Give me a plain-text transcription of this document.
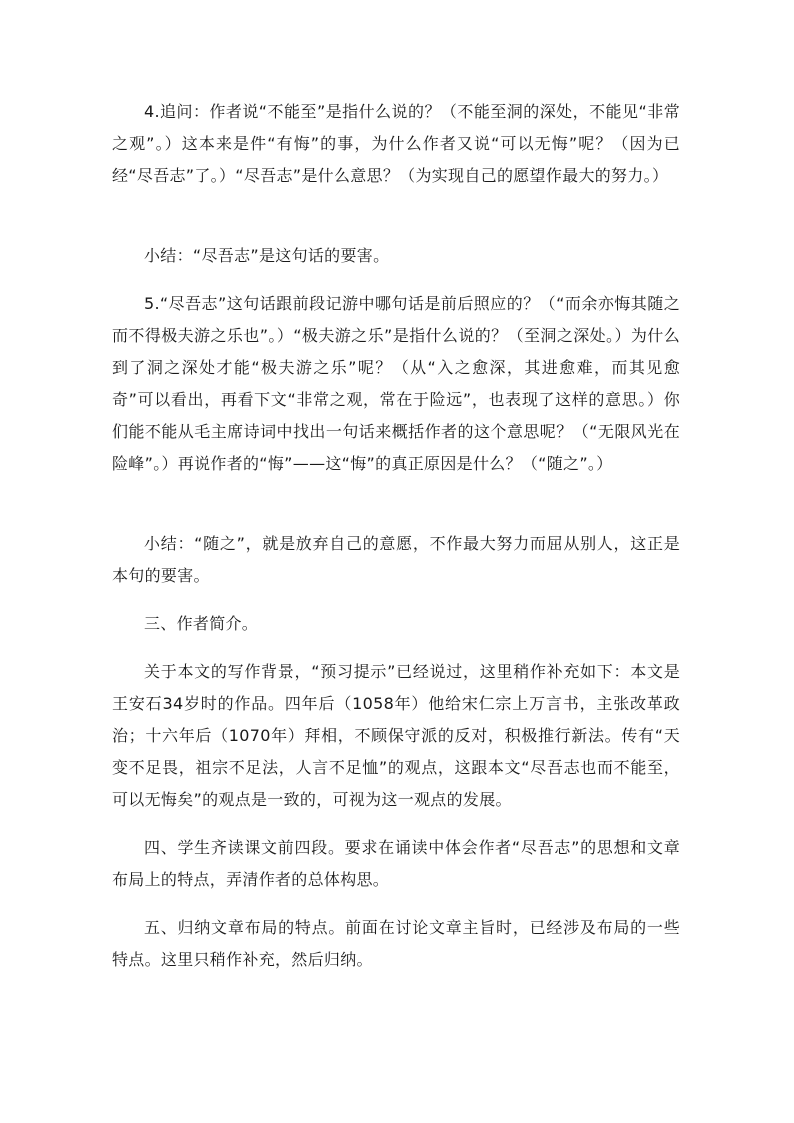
4.追问：作者说“不能至”是指什么说的？（不能至洞的深处，不能见“非常之观”。）这本来是件“有悔”的事，为什么作者又说“可以无悔”呢？（因为已经“尽吾志”了。）“尽吾志”是什么意思？（为实现自己的愿望作最大的努力。）

小结：“尽吾志”是这句话的要害。

5.“尽吾志”这句话跟前段记游中哪句话是前后照应的？（“而余亦悔其随之而不得极夫游之乐也”。）“极夫游之乐”是指什么说的？（至洞之深处。）为什么到了洞之深处才能“极夫游之乐”呢？（从“入之愈深，其进愈难，而其见愈奇”可以看出，再看下文“非常之观，常在于险远”，也表现了这样的意思。）你们能不能从毛主席诗词中找出一句话来概括作者的这个意思呢？（“无限风光在险峰”。）再说作者的“悔”——这“悔”的真正原因是什么？（“随之”。）

小结：“随之”，就是放弃自己的意愿，不作最大努力而屈从别人，这正是本句的要害。

三、作者简介。

关于本文的写作背景，“预习提示”已经说过，这里稍作补充如下：本文是王安石34岁时的作品。四年后（1058年）他给宋仁宗上万言书，主张改革政治；十六年后（1070年）拜相，不顾保守派的反对，积极推行新法。传有“天变不足畏，祖宗不足法，人言不足恤”的观点，这跟本文“尽吾志也而不能至，可以无悔矣”的观点是一致的，可视为这一观点的发展。

四、学生齐读课文前四段。要求在诵读中体会作者“尽吾志”的思想和文章布局上的特点，弄清作者的总体构思。

五、归纳文章布局的特点。前面在讨论文章主旨时，已经涉及布局的一些特点。这里只稍作补充，然后归纳。
